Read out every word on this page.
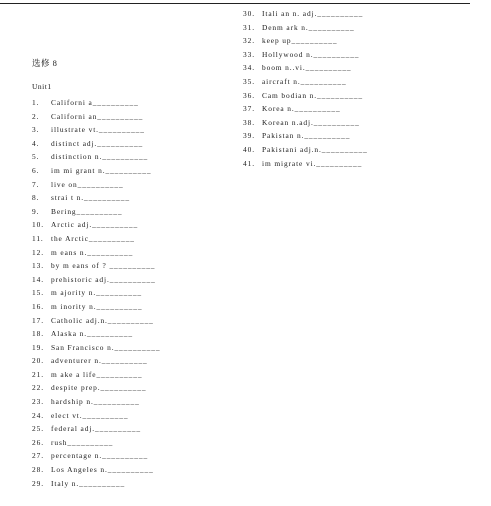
选修 8
Unit1
1. Californi a__________
2. Californi an__________
3. illustrate vt.__________
4. distinct adj.__________
5. distinction n.__________
6. im mi grant n.__________
7. live on__________
8. strai t n.__________
9. Bering__________
10. Arctic adj.__________
11. the Arctic__________
12. m eans n.__________
13. by m eans of ? __________
14. prehistoric adj.__________
15. m ajority n.__________
16. m inority n.__________
17. Catholic adj.n.__________
18. Alaska n.__________
19. San Francisco n.__________
20. adventurer n.__________
21. m ake a life__________
22. despite prep.__________
23. hardship n.__________
24. elect vt.__________
25. federal adj.__________
26. rush__________
27. percentage n.__________
28. Los Angeles n.__________
29. Italy n.__________
30. Itali an n. adj.__________
31. Denm ark n.__________
32. keep up__________
33. Hollywood n.__________
34. boom n..vi.__________
35. aircraft n.__________
36. Cam bodian n.__________
37. Korea n.__________
38. Korean n.adj.__________
39. Pakistan n.__________
40. Pakistani adj.n.__________
41. im migrate vi.__________
